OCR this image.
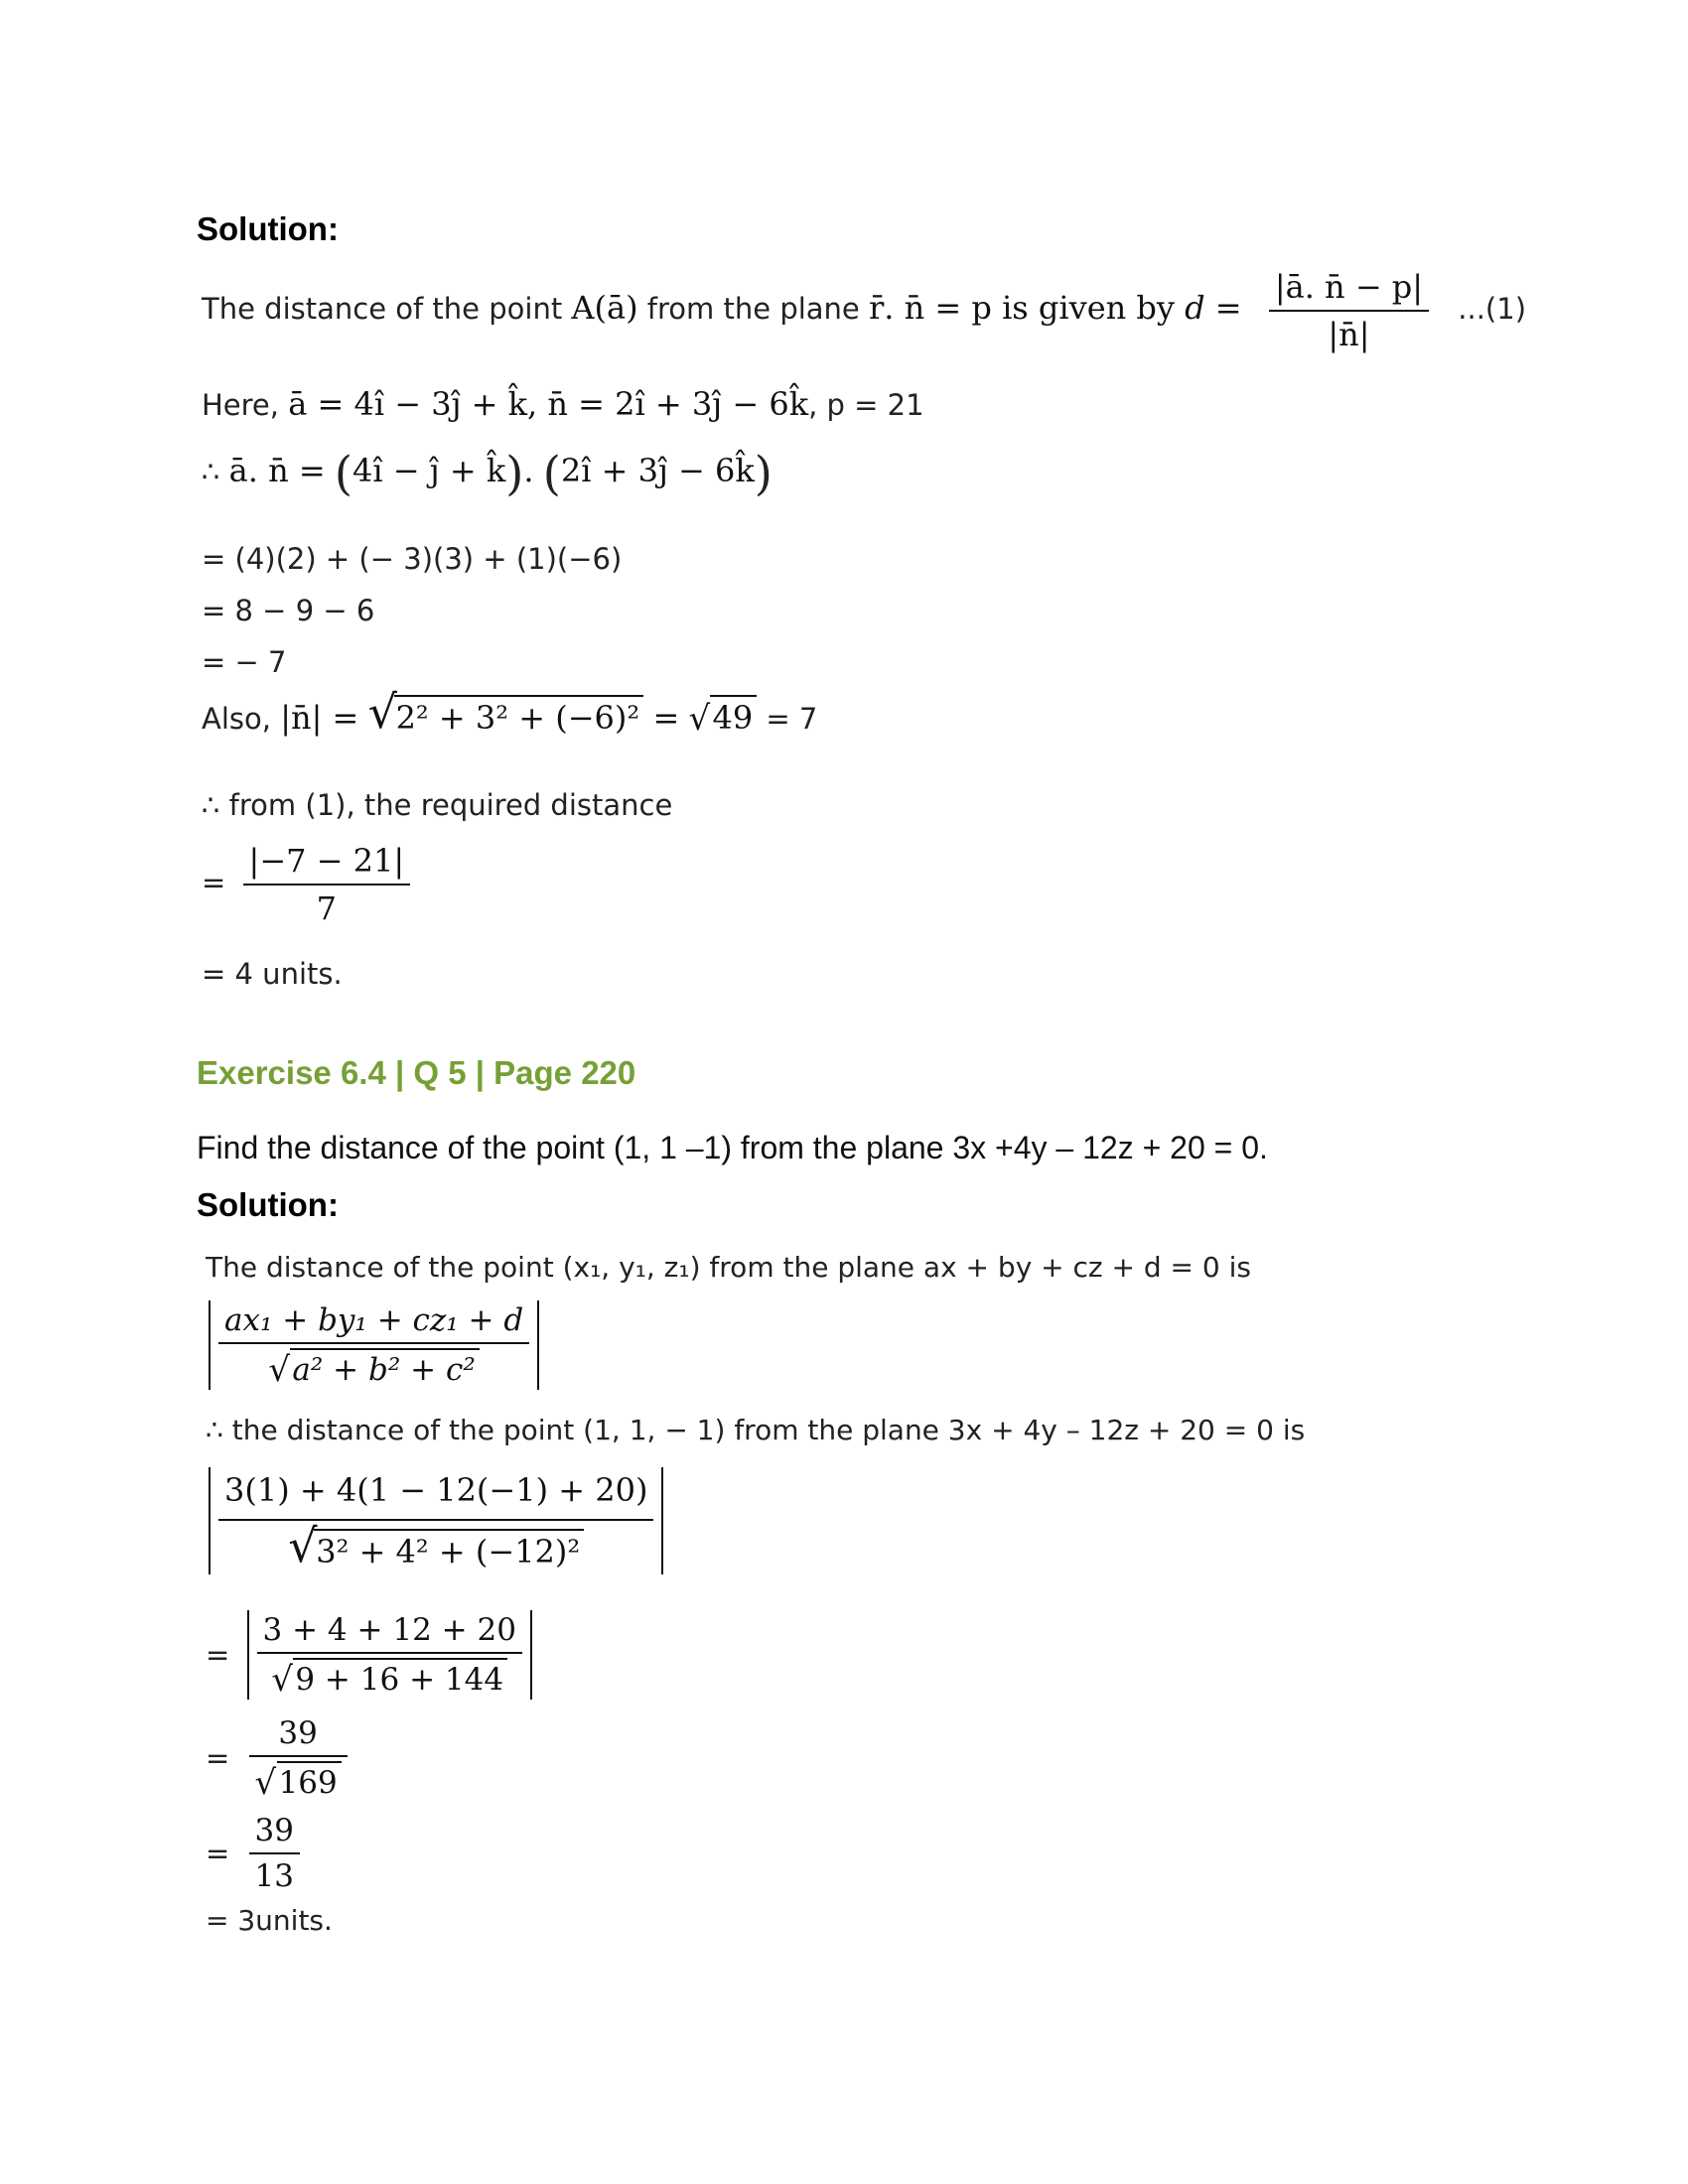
Solution:
The distance of the point A(ā) from the plane r̄. n̄ = p is given by $d = \frac{|ā. n̄ - p|}{|n̄|} ...(1)$
Here, ā = 4î − 3ĵ + k̂, n̄ = 2î + 3ĵ − 6k̂, p = 21
∴ ā. n̄ = (4î − ĵ + k̂). (2î + 3ĵ − 6k̂)
= (4)(2) + (− 3)(3) + (1)(−6)
= 8 − 9 − 6
= − 7
Also, |n̄| = √
2² + 3² + (−6)² = √ 49 = 7
∴ from (1), the required distance
= $\frac{|-7 - 21|}{7}$
= 4 units.
Exercise 6.4 | Q 5 | Page 220
Find the distance of the point (1, 1 –1) from the plane 3x +4y – 12z + 20 = 0.
Solution:
The distance of the point (x₁, y₁, z₁) from the plane ax + by + cz + d = 0 is
$\frac{\text{ax₁ + by₁ + cz₁ + d}}{\text{√ a² + b² + c²}}$
∴ the distance of the point (1, 1, − 1) from the plane 3x + 4y – 12z + 20 = 0 is
3(1) + 4(1 − 12(−1) + 20)
√
3² + 4² + (−12)²
= $\frac{3 + 4 + 12 + 20}{√ 9 + 16 + 144}$
= $\frac{39}{√ 169}$
= $\frac{39}{13}$
= 3units.
